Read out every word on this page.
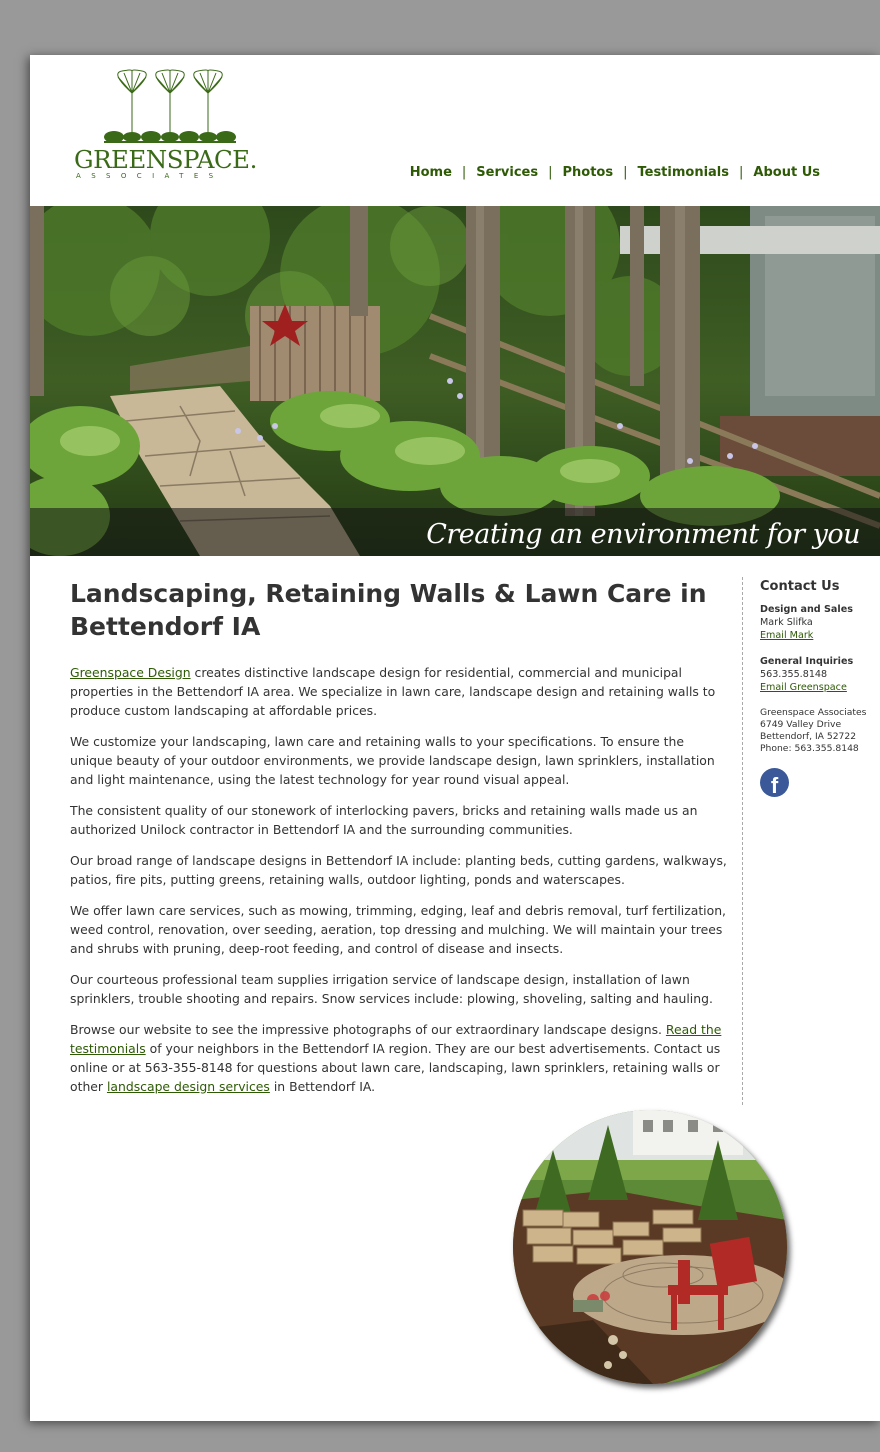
GREENSPACE.
ASSOCIATES	Home | Services | Photos | Testimonials | About Us
Creating an environment for you
Landscaping, Retaining Walls & Lawn Care in Bettendorf IA

Greenspace Design creates distinctive landscape design for residential, commercial and municipal properties in the Bettendorf IA area. We specialize in lawn care, landscape design and retaining walls to produce custom landscaping at affordable prices.

We customize your landscaping, lawn care and retaining walls to your specifications. To ensure the unique beauty of your outdoor environments, we provide landscape design, lawn sprinklers, installation and light maintenance, using the latest technology for year round visual appeal.

The consistent quality of our stonework of interlocking pavers, bricks and retaining walls made us an authorized Unilock contractor in Bettendorf IA and the surrounding communities.

Our broad range of landscape designs in Bettendorf IA include: planting beds, cutting gardens, walkways, patios, fire pits, putting greens, retaining walls, outdoor lighting, ponds and waterscapes.

We offer lawn care services, such as mowing, trimming, edging, leaf and debris removal, turf fertilization, weed control, renovation, over seeding, aeration, top dressing and mulching. We will maintain your trees and shrubs with pruning, deep-root feeding, and control of disease and insects.

Our courteous professional team supplies irrigation service of landscape design, installation of lawn sprinklers, trouble shooting and repairs. Snow services include: plowing, shoveling, salting and hauling.

Browse our website to see the impressive photographs of our extraordinary landscape designs. Read the testimonials of your neighbors in the Bettendorf IA region. They are our best advertisements. Contact us online or at 563-355-8148 for questions about lawn care, landscaping, lawn sprinklers, retaining walls or other landscape design services in Bettendorf IA.

Contact Us
Design and Sales
Mark Slifka
Email Mark
General Inquiries
563.355.8148
Email Greenspace
Greenspace Associates
6749 Valley Drive
Bettendorf, IA 52722
Phone: 563.355.8148
f
